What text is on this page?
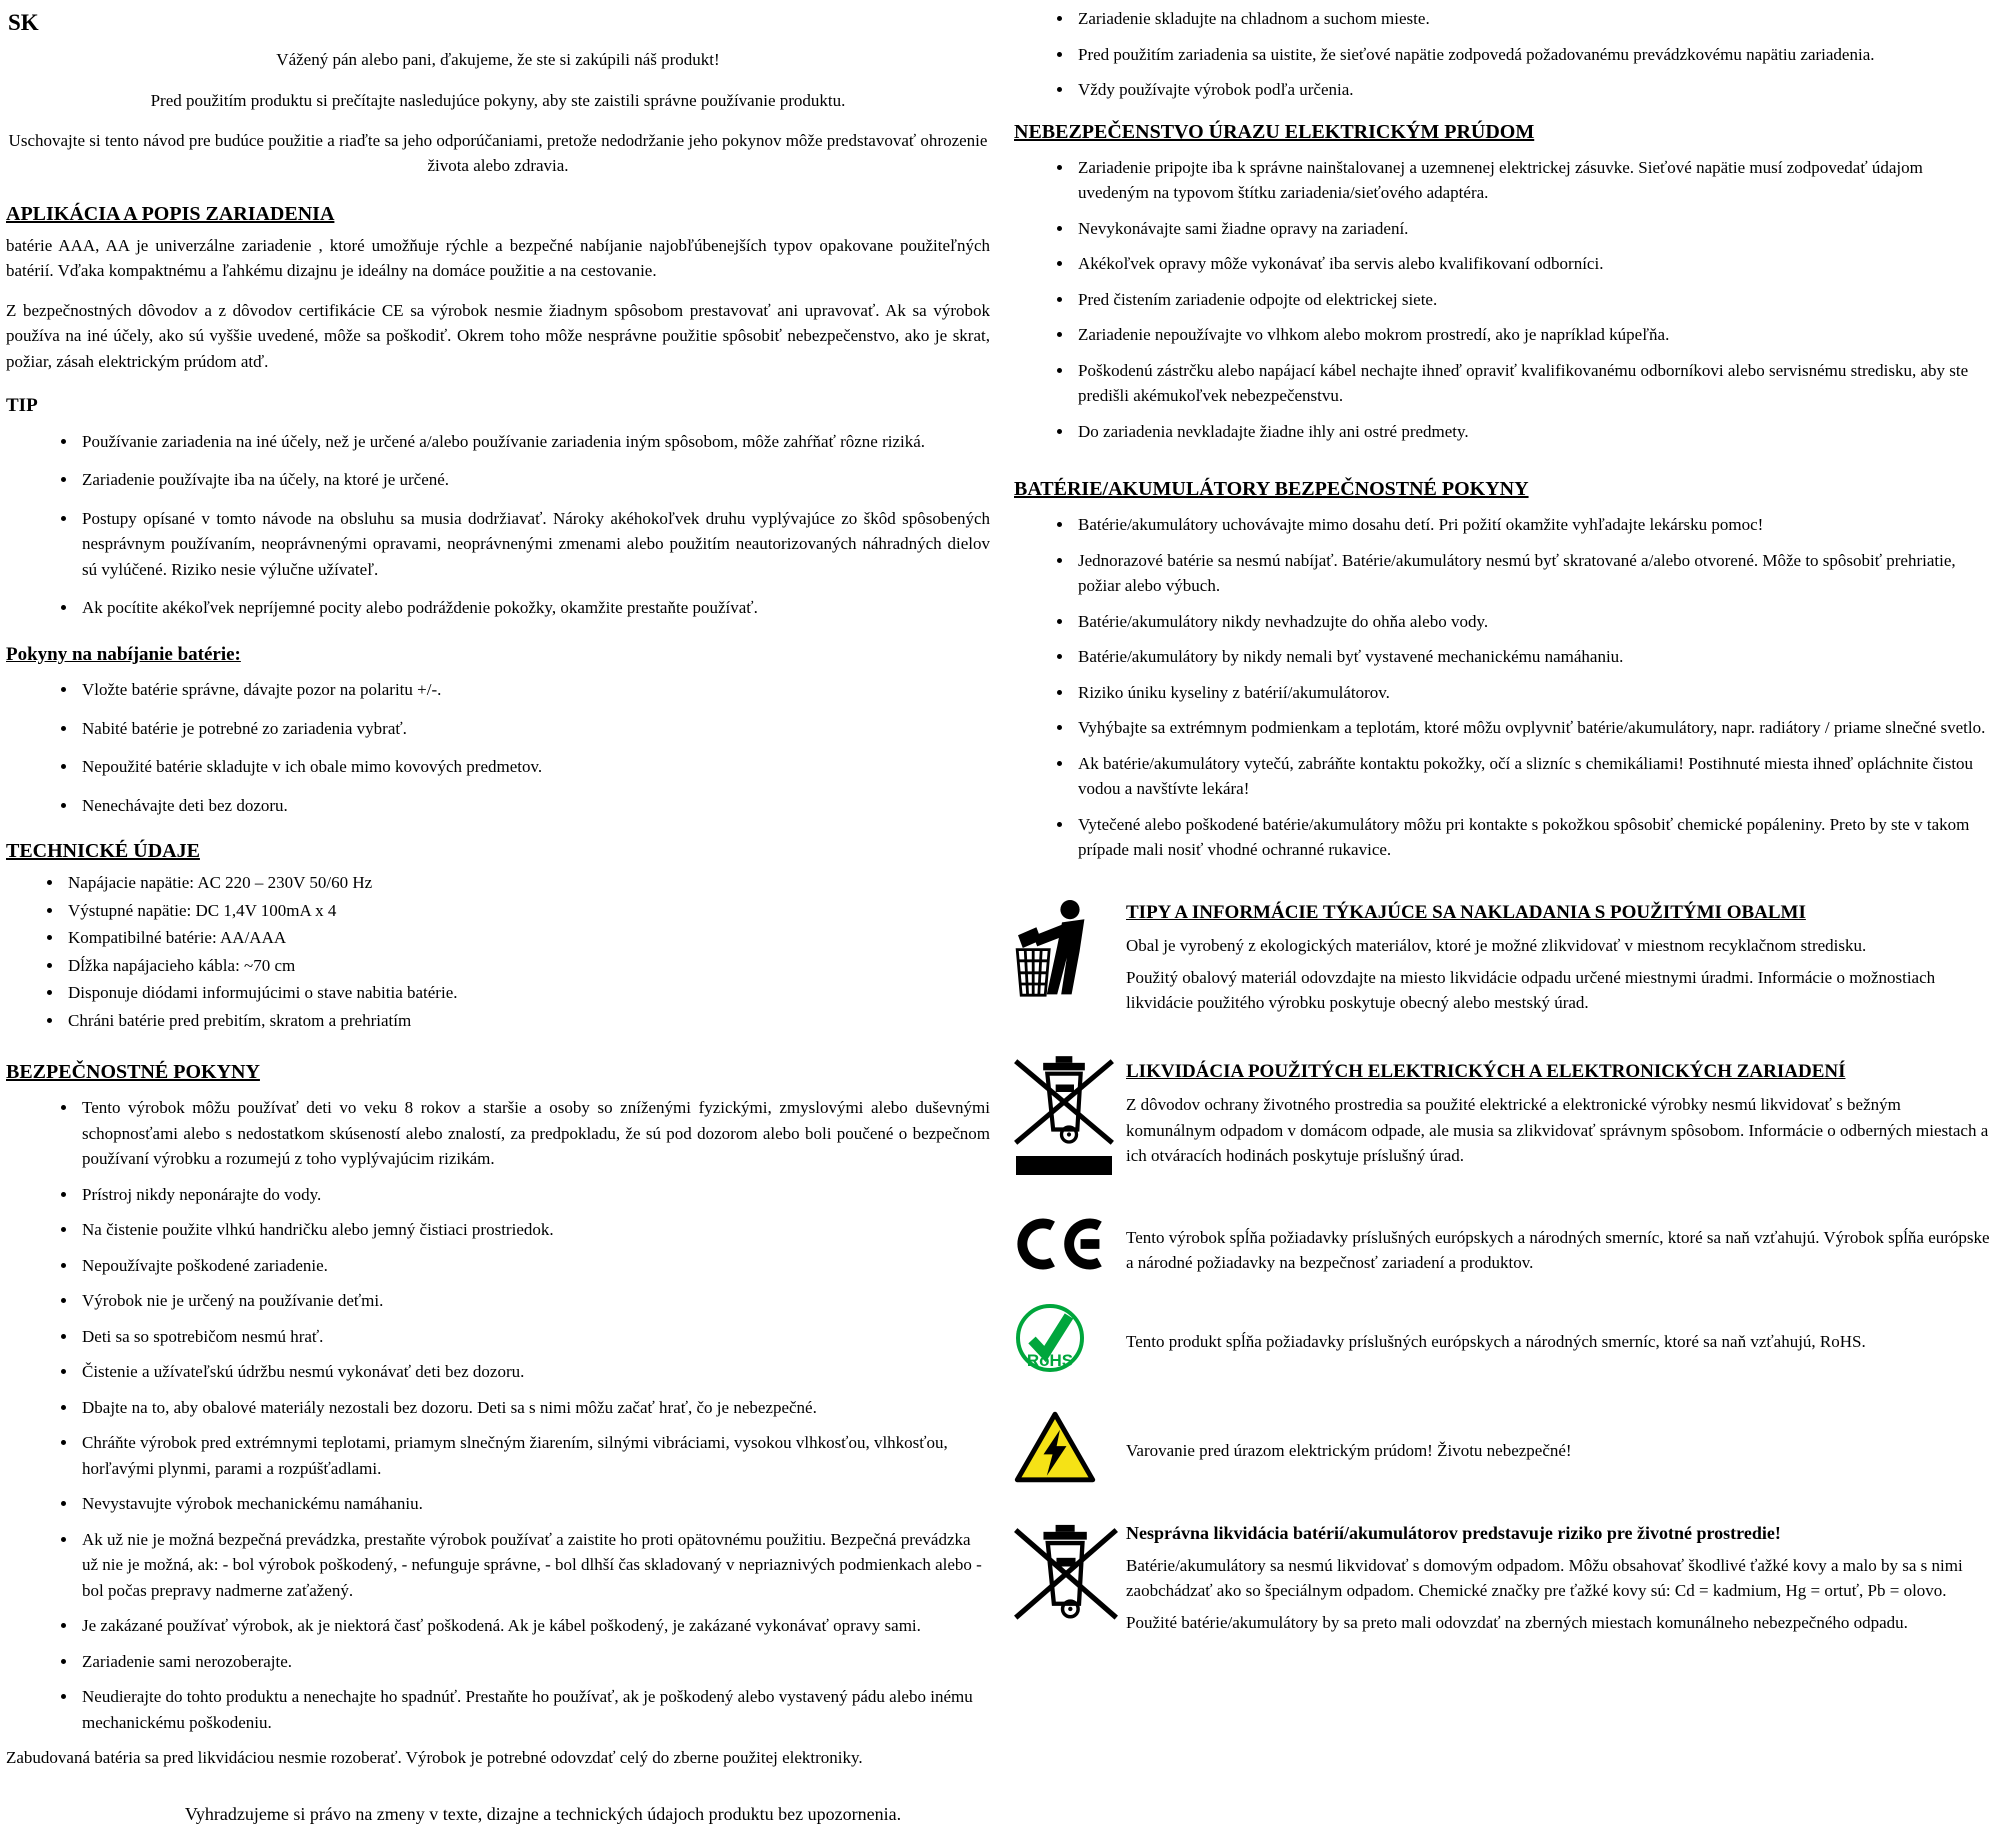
SK

Vážený pán alebo pani, ďakujeme, že ste si zakúpili náš produkt!

Pred použitím produktu si prečítajte nasledujúce pokyny, aby ste zaistili správne používanie produktu.

Uschovajte si tento návod pre budúce použitie a riaďte sa jeho odporúčaniami, pretože nedodržanie jeho pokynov môže predstavovať ohrozenie života alebo zdravia.

APLIKÁCIA A POPIS ZARIADENIA

batérie AAA, AA je univerzálne zariadenie , ktoré umožňuje rýchle a bezpečné nabíjanie najobľúbenejších typov opakovane použiteľných batérií. Vďaka kompaktnému a ľahkému dizajnu je ideálny na domáce použitie a na cestovanie.

Z bezpečnostných dôvodov a z dôvodov certifikácie CE sa výrobok nesmie žiadnym spôsobom prestavovať ani upravovať. Ak sa výrobok používa na iné účely, ako sú vyššie uvedené, môže sa poškodiť. Okrem toho môže nesprávne použitie spôsobiť nebezpečenstvo, ako je skrat, požiar, zásah elektrickým prúdom atď.

TIP
• Používanie zariadenia na iné účely, než je určené a/alebo používanie zariadenia iným spôsobom, môže zahŕňať rôzne riziká.
• Zariadenie používajte iba na účely, na ktoré je určené.
• Postupy opísané v tomto návode na obsluhu sa musia dodržiavať. Nároky akéhokoľvek druhu vyplývajúce zo škôd spôsobených nesprávnym používaním, neoprávnenými opravami, neoprávnenými zmenami alebo použitím neautorizovaných náhradných dielov sú vylúčené. Riziko nesie výlučne užívateľ.
• Ak pocítite akékoľvek nepríjemné pocity alebo podráždenie pokožky, okamžite prestaňte používať.
Pokyny na nabíjanie batérie:
• Vložte batérie správne, dávajte pozor na polaritu +/-.
• Nabité batérie je potrebné zo zariadenia vybrať.
• Nepoužité batérie skladujte v ich obale mimo kovových predmetov.
• Nenechávajte deti bez dozoru.
TECHNICKÉ ÚDAJE
• Napájacie napätie: AC 220 – 230V 50/60 Hz
• Výstupné napätie: DC 1,4V 100mA x 4
• Kompatibilné batérie: AA/AAA
• Dĺžka napájacieho kábla: ~70 cm
• Disponuje diódami informujúcimi o stave nabitia batérie.
• Chráni batérie pred prebitím, skratom a prehriatím
BEZPEČNOSTNÉ POKYNY
• Tento výrobok môžu používať deti vo veku 8 rokov a staršie a osoby so zníženými fyzickými, zmyslovými alebo duševnými schopnosťami alebo s nedostatkom skúseností alebo znalostí, za predpokladu, že sú pod dozorom alebo boli poučené o bezpečnom používaní výrobku a rozumejú z toho vyplývajúcim rizikám.
• Prístroj nikdy neponárajte do vody.
• Na čistenie použite vlhkú handričku alebo jemný čistiaci prostriedok.
• Nepoužívajte poškodené zariadenie.
• Výrobok nie je určený na používanie deťmi.
• Deti sa so spotrebičom nesmú hrať.
• Čistenie a užívateľskú údržbu nesmú vykonávať deti bez dozoru.
• Dbajte na to, aby obalové materiály nezostali bez dozoru. Deti sa s nimi môžu začať hrať, čo je nebezpečné.
• Chráňte výrobok pred extrémnymi teplotami, priamym slnečným žiarením, silnými vibráciami, vysokou vlhkosťou, vlhkosťou, horľavými plynmi, parami a rozpúšťadlami.
• Nevystavujte výrobok mechanickému namáhaniu.
• Ak už nie je možná bezpečná prevádzka, prestaňte výrobok používať a zaistite ho proti opätovnému použitiu. Bezpečná prevádzka už nie je možná, ak: - bol výrobok poškodený, - nefunguje správne, - bol dlhší čas skladovaný v nepriaznivých podmienkach alebo - bol počas prepravy nadmerne zaťažený.
• Je zakázané používať výrobok, ak je niektorá časť poškodená. Ak je kábel poškodený, je zakázané vykonávať opravy sami.
• Zariadenie sami nerozoberajte.
• Neudierajte do tohto produktu a nenechajte ho spadnúť. Prestaňte ho používať, ak je poškodený alebo vystavený pádu alebo inému mechanickému poškodeniu.

Zabudovaná batéria sa pred likvidáciou nesmie rozoberať. Výrobok je potrebné odovzdať celý do zberne použitej elektroniky.

Vyhradzujeme si právo na zmeny v texte, dizajne a technických údajoch produktu bez upozornenia.

• Zariadenie skladujte na chladnom a suchom mieste.
• Pred použitím zariadenia sa uistite, že sieťové napätie zodpovedá požadovanému prevádzkovému napätiu zariadenia.
• Vždy používajte výrobok podľa určenia.
NEBEZPEČENSTVO ÚRAZU ELEKTRICKÝM PRÚDOM
• Zariadenie pripojte iba k správne nainštalovanej a uzemnenej elektrickej zásuvke. Sieťové napätie musí zodpovedať údajom uvedeným na typovom štítku zariadenia/sieťového adaptéra.
• Nevykonávajte sami žiadne opravy na zariadení.
• Akékoľvek opravy môže vykonávať iba servis alebo kvalifikovaní odborníci.
• Pred čistením zariadenie odpojte od elektrickej siete.
• Zariadenie nepoužívajte vo vlhkom alebo mokrom prostredí, ako je napríklad kúpeľňa.
• Poškodenú zástrčku alebo napájací kábel nechajte ihneď opraviť kvalifikovanému odborníkovi alebo servisnému stredisku, aby ste predišli akémukoľvek nebezpečenstvu.
• Do zariadenia nevkladajte žiadne ihly ani ostré predmety.
BATÉRIE/AKUMULÁTORY BEZPEČNOSTNÉ POKYNY
• Batérie/akumulátory uchovávajte mimo dosahu detí. Pri požití okamžite vyhľadajte lekársku pomoc!
• Jednorazové batérie sa nesmú nabíjať. Batérie/akumulátory nesmú byť skratované a/alebo otvorené. Môže to spôsobiť prehriatie, požiar alebo výbuch.
• Batérie/akumulátory nikdy nevhadzujte do ohňa alebo vody.
• Batérie/akumulátory by nikdy nemali byť vystavené mechanickému namáhaniu.
• Riziko úniku kyseliny z batérií/akumulátorov.
• Vyhýbajte sa extrémnym podmienkam a teplotám, ktoré môžu ovplyvniť batérie/akumulátory, napr. radiátory / priame slnečné svetlo.
• Ak batérie/akumulátory vytečú, zabráňte kontaktu pokožky, očí a slizníc s chemikáliami! Postihnuté miesta ihneď opláchnite čistou vodou a navštívte lekára!
• Vytečené alebo poškodené batérie/akumulátory môžu pri kontakte s pokožkou spôsobiť chemické popáleniny. Preto by ste v takom prípade mali nosiť vhodné ochranné rukavice.
TIPY A INFORMÁCIE TÝKAJÚCE SA NAKLADANIA S POUŽITÝMI OBALMI

Obal je vyrobený z ekologických materiálov, ktoré je možné zlikvidovať v miestnom recyklačnom stredisku.

Použitý obalový materiál odovzdajte na miesto likvidácie odpadu určené miestnymi úradmi. Informácie o možnostiach likvidácie použitého výrobku poskytuje obecný alebo mestský úrad.

LIKVIDÁCIA POUŽITÝCH ELEKTRICKÝCH A ELEKTRONICKÝCH ZARIADENÍ

Z dôvodov ochrany životného prostredia sa použité elektrické a elektronické výrobky nesmú likvidovať s bežným komunálnym odpadom v domácom odpade, ale musia sa zlikvidovať správnym spôsobom. Informácie o odberných miestach a ich otváracích hodinách poskytuje príslušný úrad.

Tento výrobok spĺňa požiadavky príslušných európskych a národných smerníc, ktoré sa naň vzťahujú. Výrobok spĺňa európske a národné požiadavky na bezpečnosť zariadení a produktov.

RoHS

Tento produkt spĺňa požiadavky príslušných európskych a národných smerníc, ktoré sa naň vzťahujú, RoHS.

Varovanie pred úrazom elektrickým prúdom! Životu nebezpečné!

Nesprávna likvidácia batérií/akumulátorov predstavuje riziko pre životné prostredie!

Batérie/akumulátory sa nesmú likvidovať s domovým odpadom. Môžu obsahovať škodlivé ťažké kovy a malo by sa s nimi zaobchádzať ako so špeciálnym odpadom. Chemické značky pre ťažké kovy sú: Cd = kadmium, Hg = ortuť, Pb = olovo.

Použité batérie/akumulátory by sa preto mali odovzdať na zberných miestach komunálneho nebezpečného odpadu.
